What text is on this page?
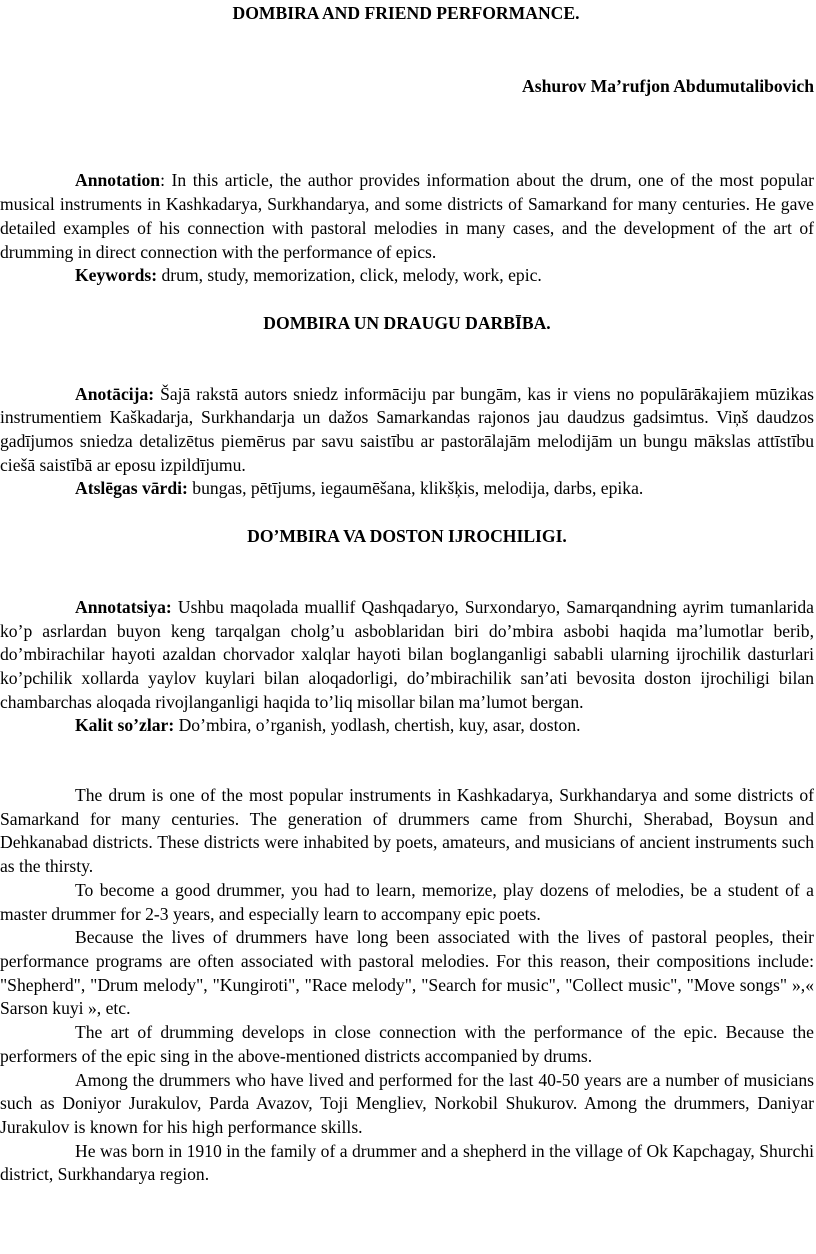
DOMBIRA AND FRIEND PERFORMANCE.
Ashurov Ma’rufjon Abdumutalibovich

Annotation: In this article, the author provides information about the drum, one of the most popular musical instruments in Kashkadarya, Surkhandarya, and some districts of Samarkand for many centuries. He gave detailed examples of his connection with pastoral melodies in many cases, and the development of the art of drumming in direct connection with the performance of epics.

Keywords: drum, study, memorization, click, melody, work, epic.

DOMBIRA UN DRAUGU DARBĪBA.

Anotācija: Šajā rakstā autors sniedz informāciju par bungām, kas ir viens no populārākajiem mūzikas instrumentiem Kaškadarja, Surkhandarja un dažos Samarkandas rajonos jau daudzus gadsimtus. Viņš daudzos gadījumos sniedza detalizētus piemērus par savu saistību ar pastorālajām melodijām un bungu mākslas attīstību ciešā saistībā ar eposu izpildījumu.

Atslēgas vārdi: bungas, pētījums, iegaumēšana, klikšķis, melodija, darbs, epika.

DO’MBIRA VA DOSTON IJROCHILIGI.

Annotatsiya: Ushbu maqolada muallif Qashqadaryo, Surxondaryo, Samarqandning ayrim tumanlarida ko’p asrlardan buyon keng tarqalgan cholg’u asboblaridan biri do’mbira asbobi haqida ma’lumotlar berib, do’mbirachilar hayoti azaldan chorvador xalqlar hayoti bilan boglanganligi sababli ularning ijrochilik dasturlari ko’pchilik xollarda yaylov kuylari bilan aloqadorligi, do’mbirachilik san’ati bevosita doston ijrochiligi bilan chambarchas aloqada rivojlanganligi haqida to’liq misollar bilan ma’lumot bergan.

Kalit so’zlar: Do’mbira, o’rganish, yodlash, chertish, kuy, asar, doston.

The drum is one of the most popular instruments in Kashkadarya, Surkhandarya and some districts of Samarkand for many centuries. The generation of drummers came from Shurchi, Sherabad, Boysun and Dehkanabad districts. These districts were inhabited by poets, amateurs, and musicians of ancient instruments such as the thirsty.

To become a good drummer, you had to learn, memorize, play dozens of melodies, be a student of a master drummer for 2-3 years, and especially learn to accompany epic poets.

Because the lives of drummers have long been associated with the lives of pastoral peoples, their performance programs are often associated with pastoral melodies. For this reason, their compositions include: "Shepherd", "Drum melody", "Kungiroti", "Race melody", "Search for music", "Collect music", "Move songs" »,« Sarson kuyi », etc.

The art of drumming develops in close connection with the performance of the epic. Because the performers of the epic sing in the above-mentioned districts accompanied by drums.

Among the drummers who have lived and performed for the last 40-50 years are a number of musicians such as Doniyor Jurakulov, Parda Avazov, Toji Mengliev, Norkobil Shukurov. Among the drummers, Daniyar Jurakulov is known for his high performance skills.

He was born in 1910 in the family of a drummer and a shepherd in the village of Ok Kapchagay, Shurchi district, Surkhandarya region.
